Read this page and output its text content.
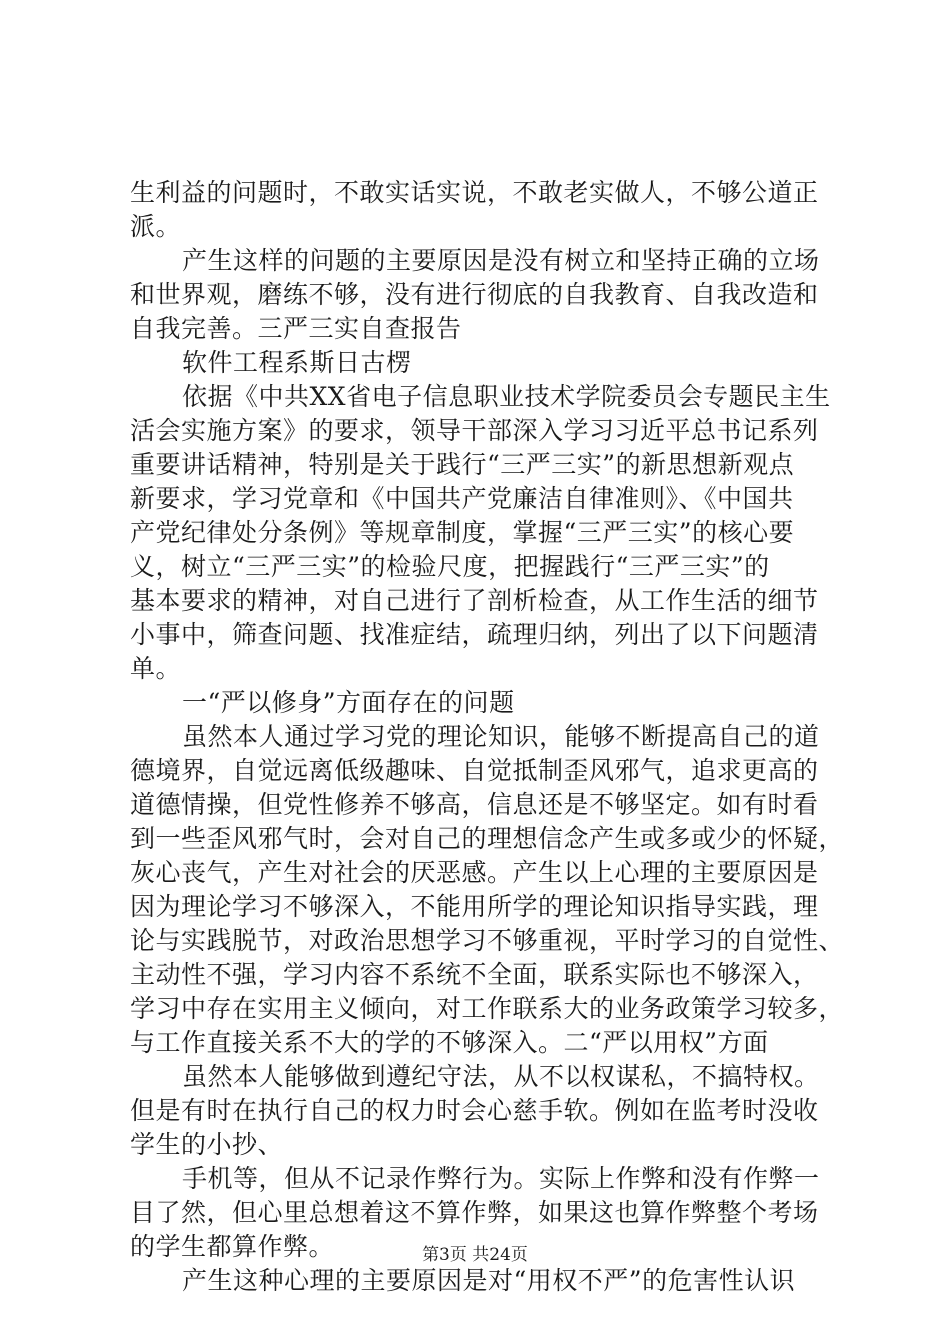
生利益的问题时，不敢实话实说，不敢老实做人，不够公道正
派。
产生这样的问题的主要原因是没有树立和坚持正确的立场
和世界观，磨练不够，没有进行彻底的自我教育、自我改造和
自我完善。三严三实自查报告
软件工程系斯日古楞
依据《中共XX省电子信息职业技术学院委员会专题民主生
活会实施方案》的要求，领导干部深入学习习近平总书记系列
重要讲话精神，特别是关于践行“三严三实”的新思想新观点
新要求，学习党章和《中国共产党廉洁自律准则》、《中国共
产党纪律处分条例》等规章制度，掌握“三严三实”的核心要
义，树立“三严三实”的检验尺度，把握践行“三严三实”的
基本要求的精神，对自己进行了剖析检查，从工作生活的细节
小事中，筛查问题、找准症结，疏理归纳，列出了以下问题清
单。
一“严以修身”方面存在的问题
虽然本人通过学习党的理论知识，能够不断提高自己的道
德境界，自觉远离低级趣味、自觉抵制歪风邪气，追求更高的
道德情操，但党性修养不够高，信息还是不够坚定。如有时看
到一些歪风邪气时，会对自己的理想信念产生或多或少的怀疑，
灰心丧气，产生对社会的厌恶感。产生以上心理的主要原因是
因为理论学习不够深入，不能用所学的理论知识指导实践，理
论与实践脱节，对政治思想学习不够重视，平时学习的自觉性、
主动性不强，学习内容不系统不全面，联系实际也不够深入，
学习中存在实用主义倾向，对工作联系大的业务政策学习较多，
与工作直接关系不大的学的不够深入。二“严以用权”方面
虽然本人能够做到遵纪守法，从不以权谋私，不搞特权。
但是有时在执行自己的权力时会心慈手软。例如在监考时没收
学生的小抄、
手机等，但从不记录作弊行为。实际上作弊和没有作弊一
目了然，但心里总想着这不算作弊，如果这也算作弊整个考场
的学生都算作弊。
产生这种心理的主要原因是对“用权不严”的危害性认识
第3页 共24页
